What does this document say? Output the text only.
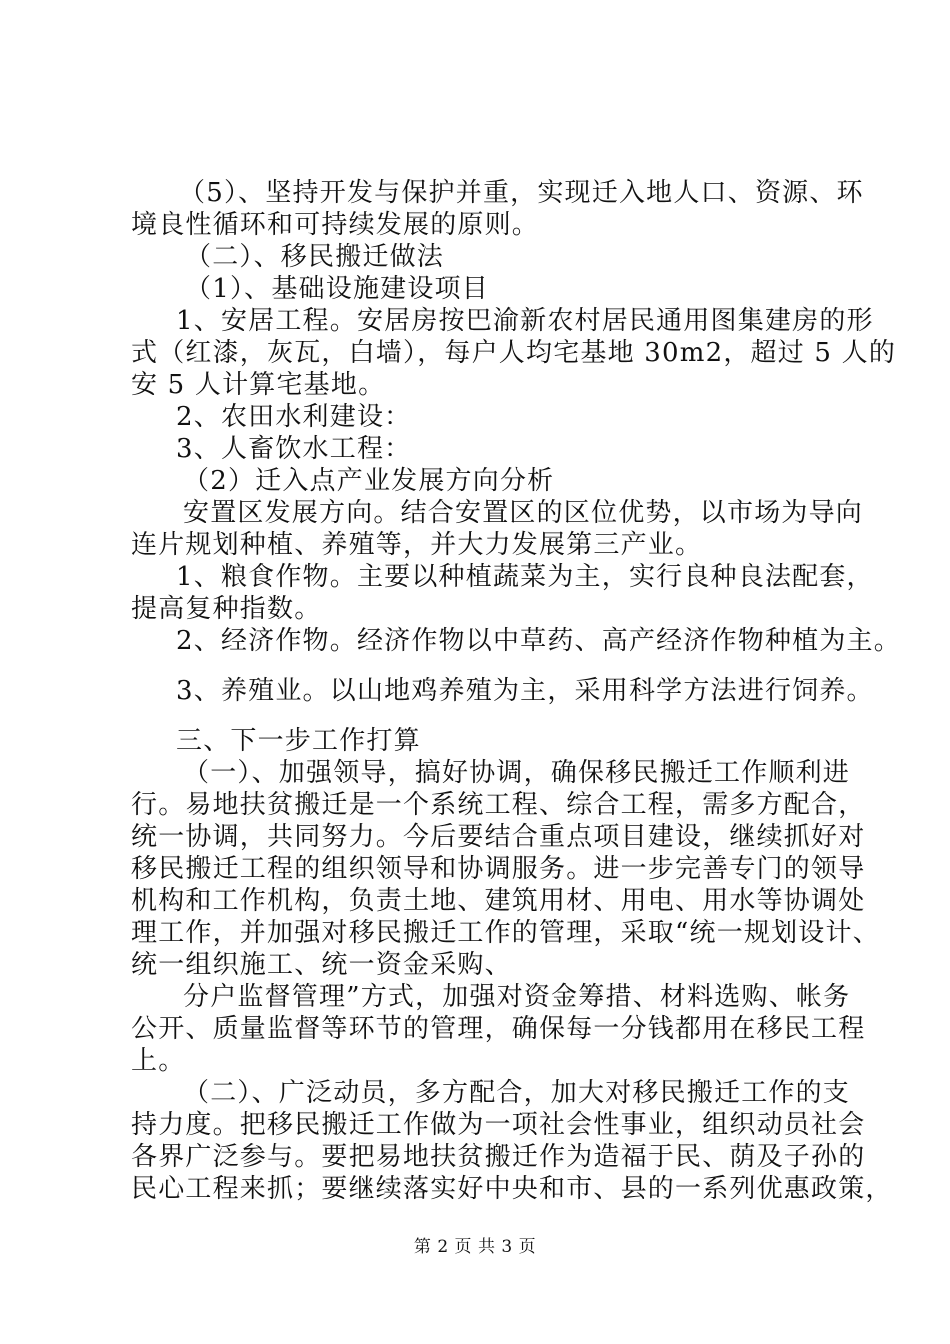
（5）、坚持开发与保护并重，实现迁入地人口、资源、环

境良性循环和可持续发展的原则。

（二）、移民搬迁做法

（1）、基础设施建设项目

1、安居工程。安居房按巴渝新农村居民通用图集建房的形

式（红漆，灰瓦，白墙），每户人均宅基地 30m2，超过 5 人的

安 5 人计算宅基地。

2、农田水利建设：

3、人畜饮水工程：

（2）迁入点产业发展方向分析

安置区发展方向。结合安置区的区位优势，以市场为导向

连片规划种植、养殖等，并大力发展第三产业。

1、粮食作物。主要以种植蔬菜为主，实行良种良法配套，

提高复种指数。

2、经济作物。经济作物以中草药、高产经济作物种植为主。

3、养殖业。以山地鸡养殖为主，采用科学方法进行饲养。

三、下一步工作打算

（一）、加强领导，搞好协调，确保移民搬迁工作顺利进

行。易地扶贫搬迁是一个系统工程、综合工程，需多方配合，

统一协调，共同努力。今后要结合重点项目建设，继续抓好对

移民搬迁工程的组织领导和协调服务。进一步完善专门的领导

机构和工作机构，负责土地、建筑用材、用电、用水等协调处

理工作，并加强对移民搬迁工作的管理，采取“统一规划设计、

统一组织施工、统一资金采购、

分户监督管理”方式，加强对资金筹措、材料选购、帐务

公开、质量监督等环节的管理，确保每一分钱都用在移民工程

上。

（二）、广泛动员，多方配合，加大对移民搬迁工作的支

持力度。把移民搬迁工作做为一项社会性事业，组织动员社会

各界广泛参与。要把易地扶贫搬迁作为造福于民、荫及子孙的

民心工程来抓；要继续落实好中央和市、县的一系列优惠政策，

第 2 页 共 3 页
